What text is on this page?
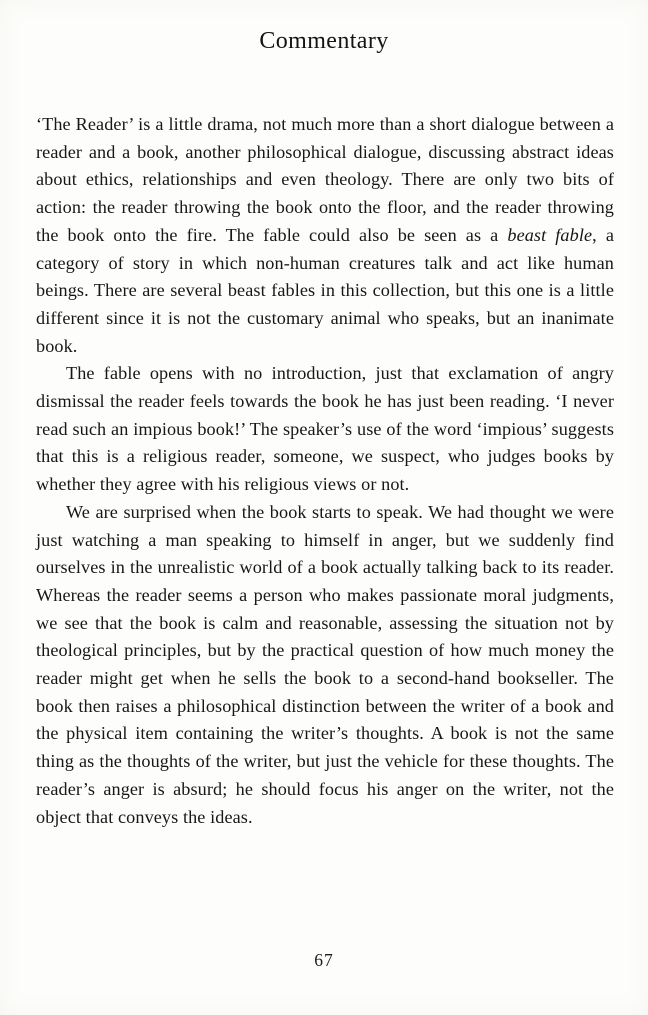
Commentary

‘The Reader’ is a little drama, not much more than a short dialogue between a reader and a book, another philosophical dialogue, discussing abstract ideas about ethics, relationships and even theology. There are only two bits of action: the reader throwing the book onto the floor, and the reader throwing the book onto the fire. The fable could also be seen as a beast fable, a category of story in which non-human creatures talk and act like human beings. There are several beast fables in this collection, but this one is a little different since it is not the customary animal who speaks, but an inanimate book.

The fable opens with no introduction, just that exclamation of angry dismissal the reader feels towards the book he has just been reading. ‘I never read such an impious book!’ The speaker’s use of the word ‘impious’ suggests that this is a religious reader, someone, we suspect, who judges books by whether they agree with his religious views or not.

We are surprised when the book starts to speak. We had thought we were just watching a man speaking to himself in anger, but we suddenly find ourselves in the unrealistic world of a book actually talking back to its reader. Whereas the reader seems a person who makes passionate moral judgments, we see that the book is calm and reasonable, assessing the situation not by theological principles, but by the practical question of how much money the reader might get when he sells the book to a second-hand bookseller. The book then raises a philosophical distinction between the writer of a book and the physical item containing the writer’s thoughts. A book is not the same thing as the thoughts of the writer, but just the vehicle for these thoughts. The reader’s anger is absurd; he should focus his anger on the writer, not the object that conveys the ideas.

67
